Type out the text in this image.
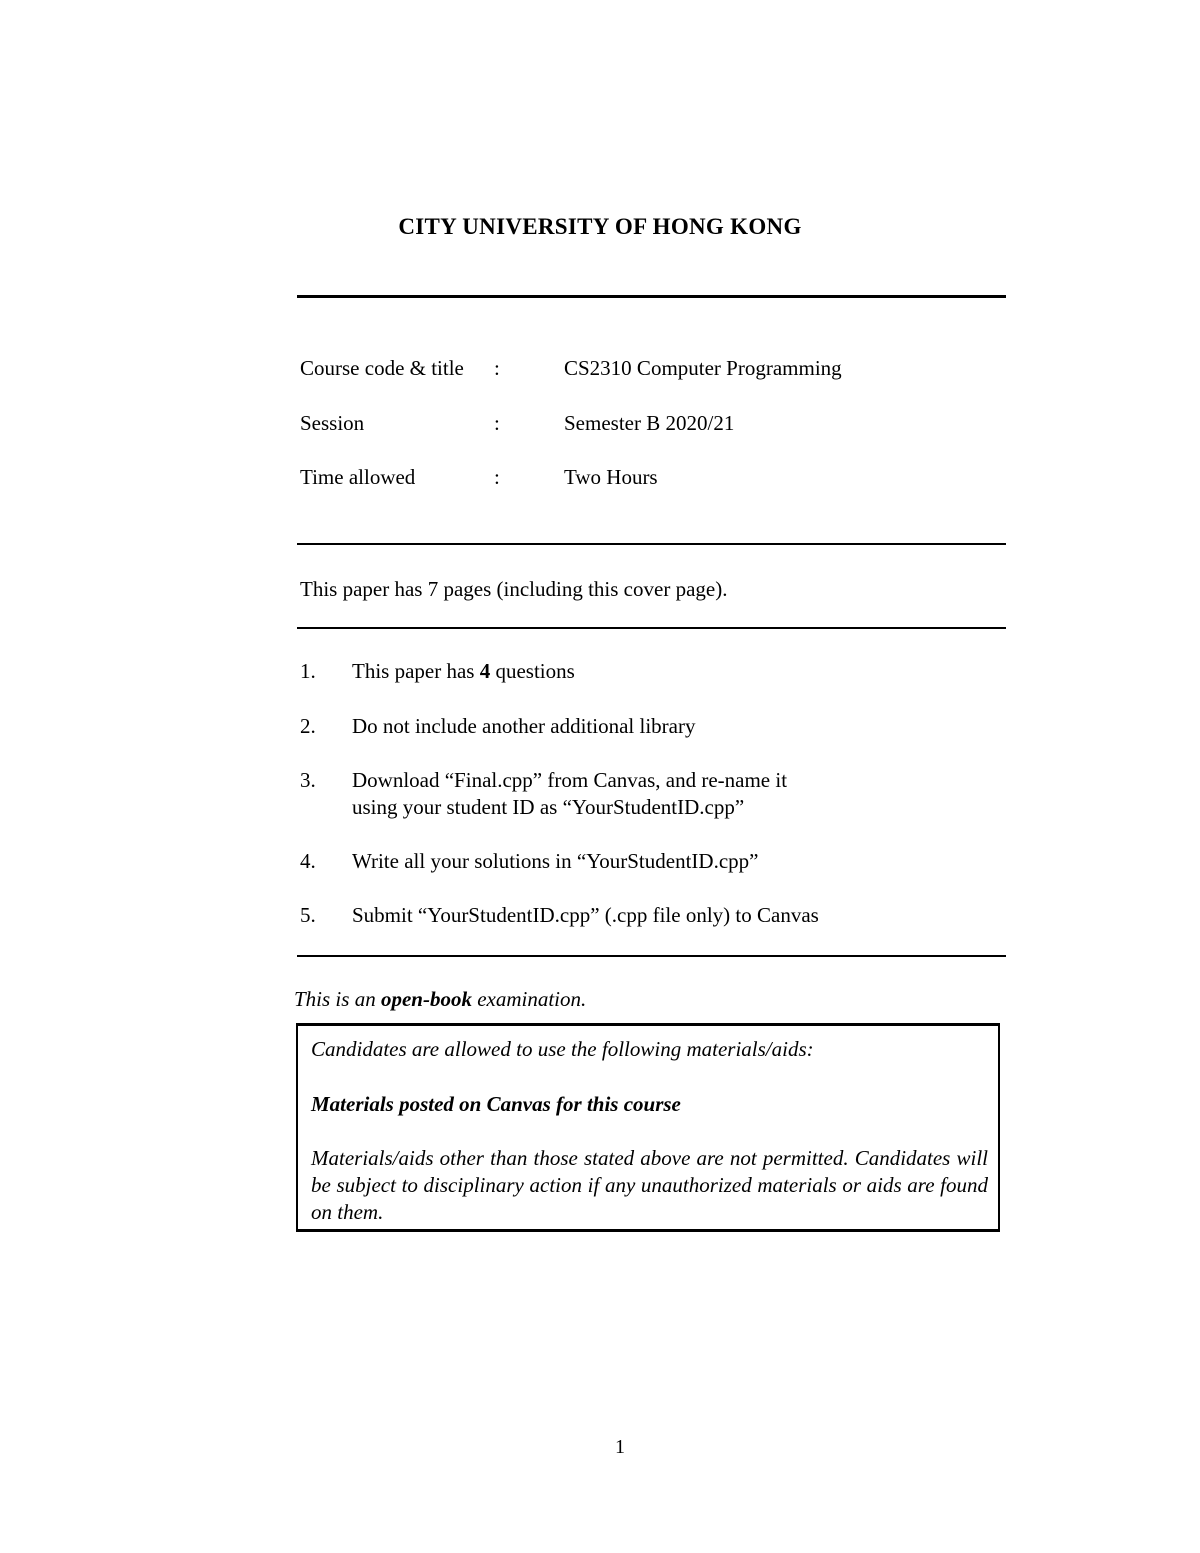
CITY UNIVERSITY OF HONG KONG
Course code & title :	CS2310 Computer Programming
Session	:	Semester B 2020/21
Time allowed	:	Two Hours
This paper has 7 pages (including this cover page).
1. This paper has 4 questions
2. Do not include another additional library
3. Download “Final.cpp” from Canvas, and re-name it
using your student ID as “YourStudentID.cpp”
4. Write all your solutions in “YourStudentID.cpp”
5. Submit “YourStudentID.cpp” (.cpp file only) to Canvas
This is an open-book examination.
Candidates are allowed to use the following materials/aids:
Materials posted on Canvas for this course
Materials/aids other than those stated above are not permitted. Candidates will be subject to disciplinary action if any unauthorized materials or aids are found on them.
1
